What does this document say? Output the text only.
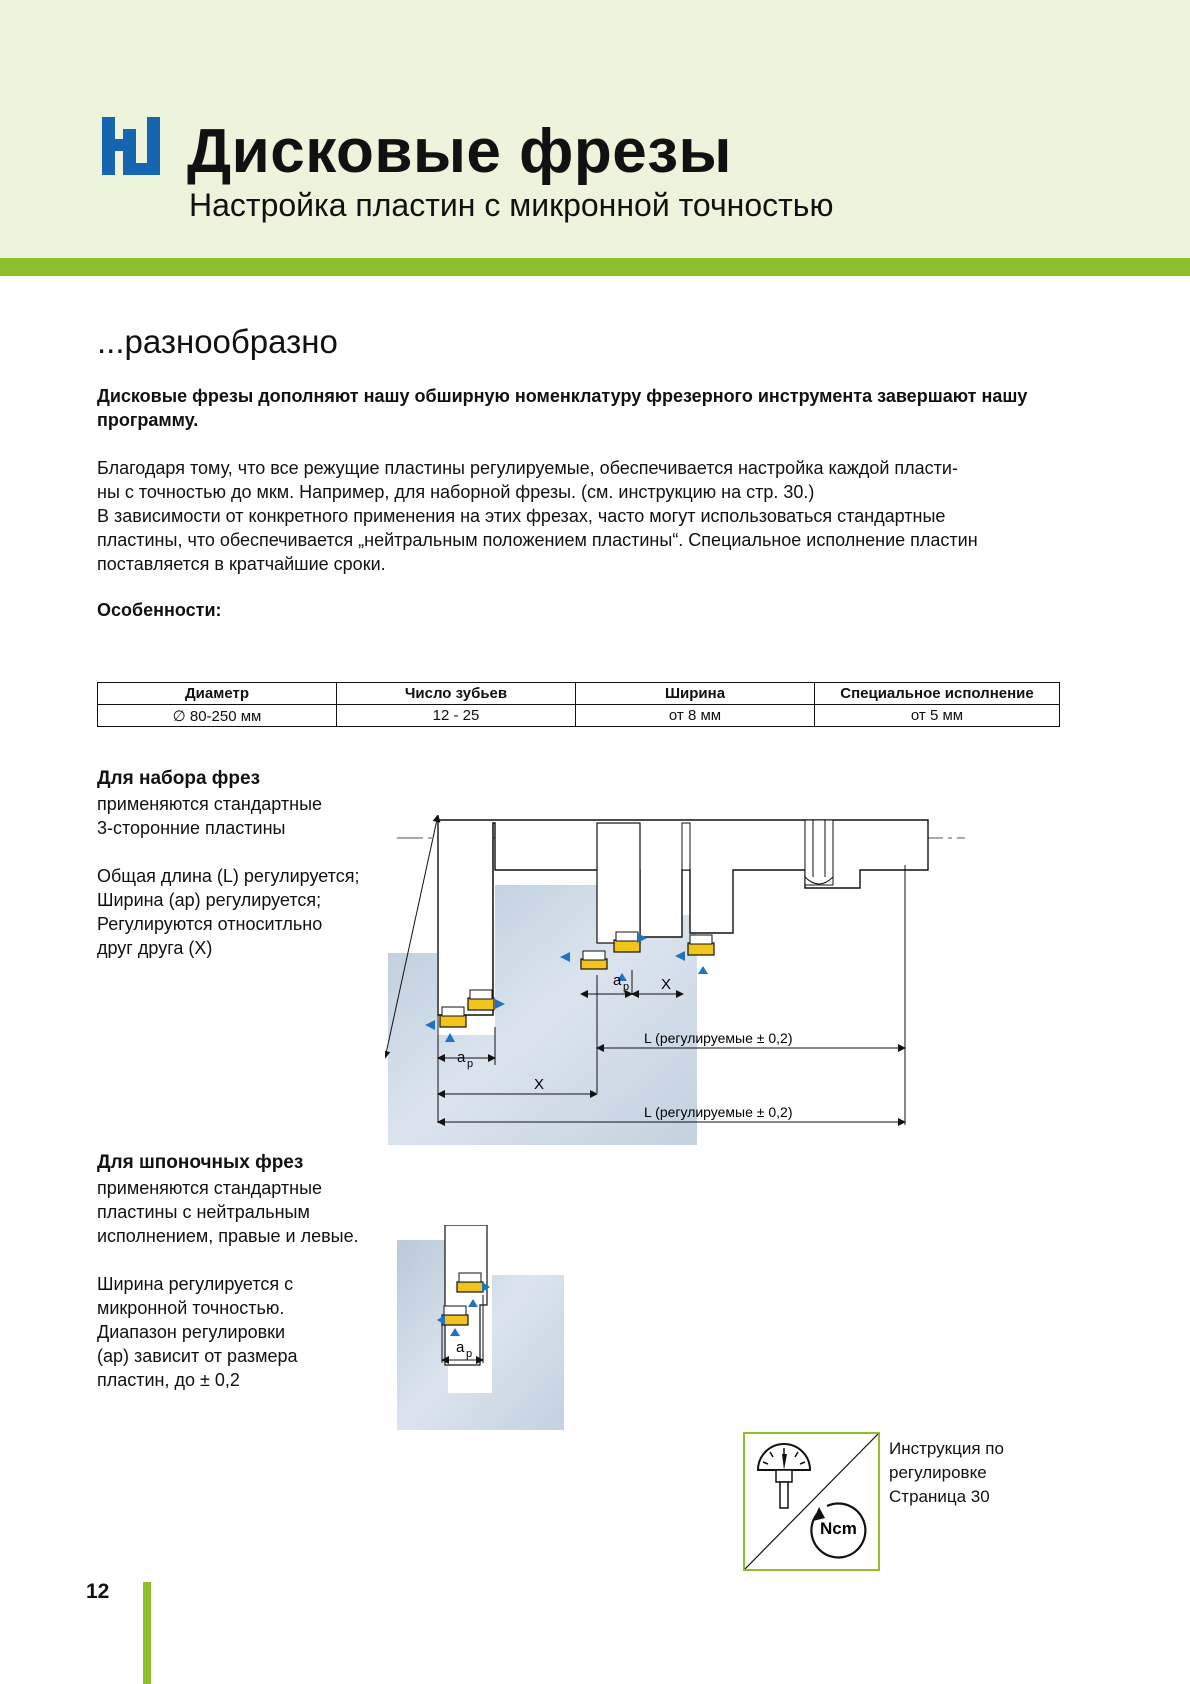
Дисковые фрезы
Настройка пластин с микронной точностью
...разнообразно
Дисковые фрезы дополняют нашу обширную номенклатуру фрезерного инструмента завершают нашу программу.

Благодаря тому, что все режущие пластины регулируемые, обеспечивается настройка каждой пласти-

ны с точностью до мкм. Например, для наборной фрезы. (см. инструкцию на стр. 30.)

В зависимости от конкретного применения на этих фрезах, часто могут использоваться стандартные

пластины, что обеспечивается „нейтральным положением пластины“. Специальное исполнение пластин

поставляется в кратчайшие сроки.

Особенности:
Диаметр	Число зубьев	Ширина	Специальное исполнение
∅ 80-250 мм	12 - 25	от 8 мм	от 5 мм
Для набора фрез

применяются стандартные

3-сторонние пластины

Общая длина (L) регулируется;

Ширина (ар) регулируется;

Регулируются относитльно

друг друга (X)

a p
a p X
X
L (регулируемые ± 0,2)
L (регулируемые ± 0,2)
Для шпоночных фрез

применяются стандартные

пластины с нейтральным

исполнением, правые и левые.

Ширина регулируется с

микронной точностью.

Диапазон регулировки

(ар) зависит от размера

пластин, до ± 0,2

a p
Ncm
Инструкция по
регулировке
Страница 30
12
